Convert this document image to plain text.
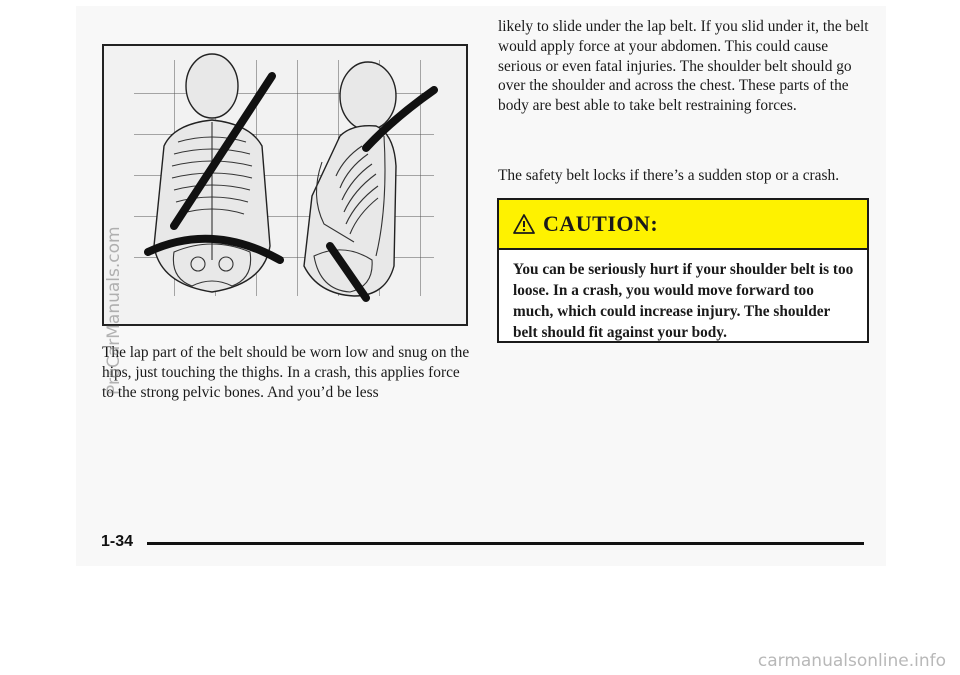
The lap part of the belt should be worn low and snug on the hips, just touching the thighs. In a crash, this applies force to the strong pelvic bones. And you’d be less

likely to slide under the lap belt. If you slid under it, the belt would apply force at your abdomen. This could cause serious or even fatal injuries. The shoulder belt should go over the shoulder and across the chest. These parts of the body are best able to take belt restraining forces.

The safety belt locks if there’s a sudden stop or a crash.

CAUTION:
You can be seriously hurt if your shoulder belt is too loose. In a crash, you would move forward too much, which could increase injury. The shoulder belt should fit against your body.
1-34
ProCarManuals.com
carmanualsonline.info
